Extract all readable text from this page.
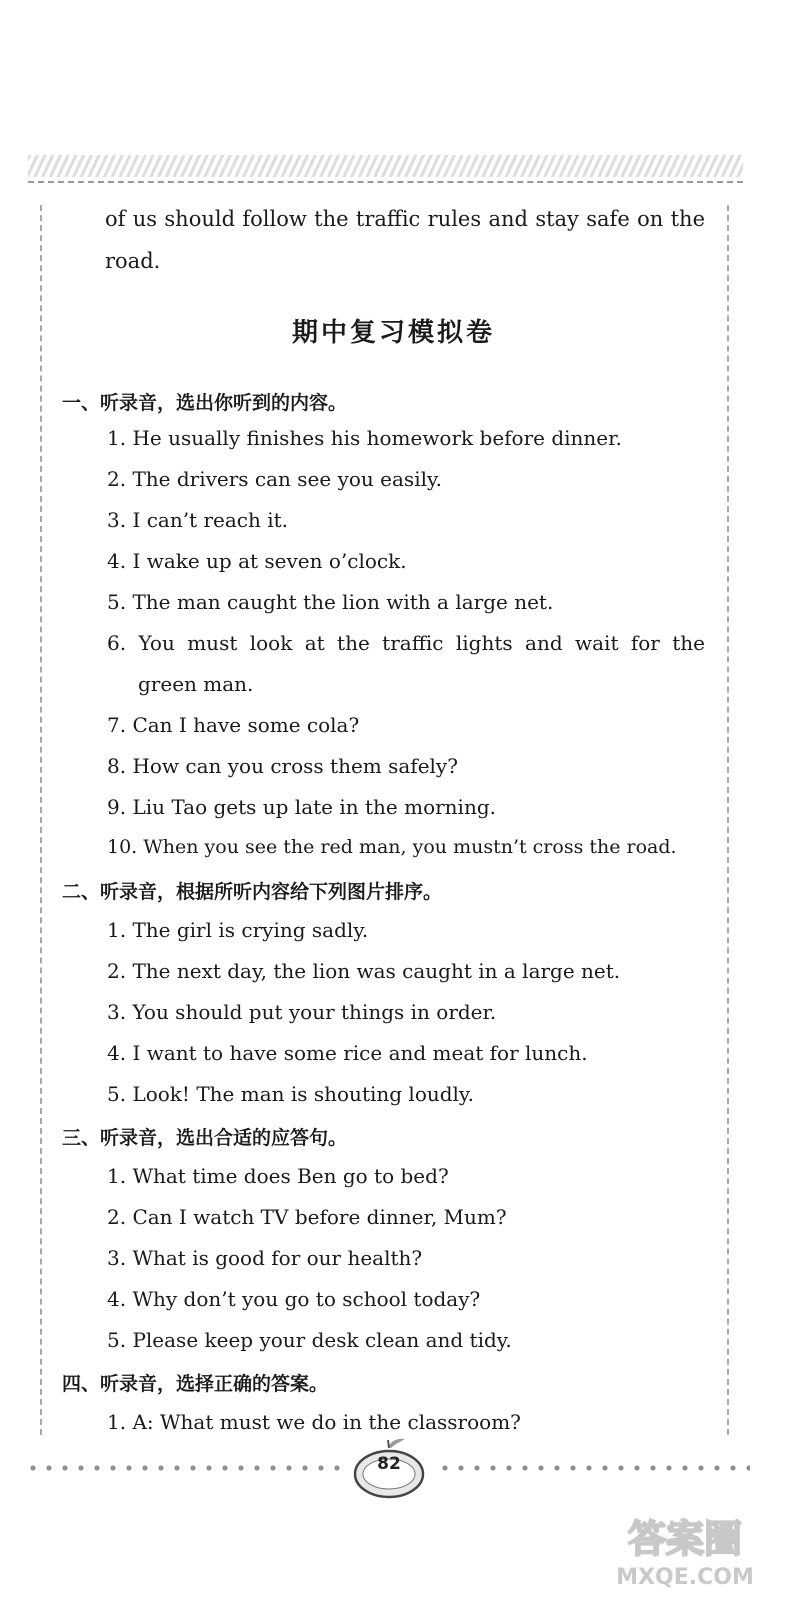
of us should follow the traffic rules and stay safe on the
road.
期中复习模拟卷
一、听录音，选出你听到的内容。
1. He usually finishes his homework before dinner.
2. The drivers can see you easily.
3. I can’t reach it.
4. I wake up at seven o’clock.
5. The man caught the lion with a large net.
6. You must look at the traffic lights and wait for the
green man.
7. Can I have some cola?
8. How can you cross them safely?
9. Liu Tao gets up late in the morning.
10. When you see the red man, you mustn’t cross the road.
二、听录音，根据所听内容给下列图片排序。
1. The girl is crying sadly.
2. The next day, the lion was caught in a large net.
3. You should put your things in order.
4. I want to have some rice and meat for lunch.
5. Look! The man is shouting loudly.
三、听录音，选出合适的应答句。
1. What time does Ben go to bed?
2. Can I watch TV before dinner, Mum?
3. What is good for our health?
4. Why don’t you go to school today?
5. Please keep your desk clean and tidy.
四、听录音，选择正确的答案。
1. A: What must we do in the classroom?
82
答案圈
MXQE.COM
